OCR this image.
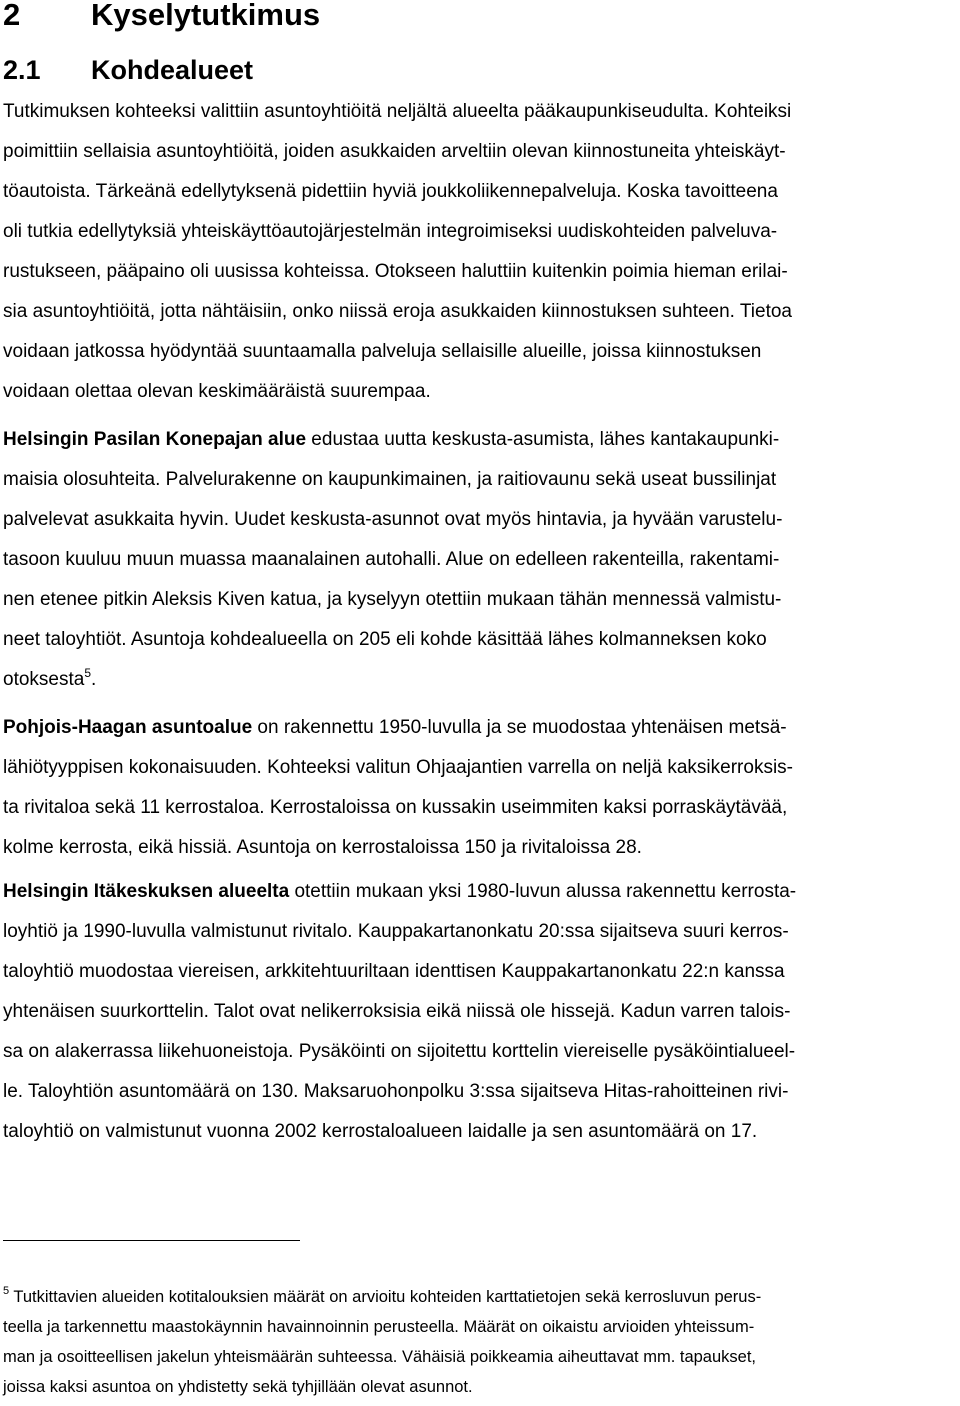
2 Kyselytutkimus
2.1 Kohdealueet
Tutkimuksen kohteeksi valittiin asuntoyhtiöitä neljältä alueelta pääkaupunkiseudulta. Kohteiksi
poimittiin sellaisia asuntoyhtiöitä, joiden asukkaiden arveltiin olevan kiinnostuneita yhteiskäyt-
töautoista. Tärkeänä edellytyksenä pidettiin hyviä joukkoliikennepalveluja. Koska tavoitteena
oli tutkia edellytyksiä yhteiskäyttöautojärjestelmän integroimiseksi uudiskohteiden palveluva-
rustukseen, pääpaino oli uusissa kohteissa. Otokseen haluttiin kuitenkin poimia hieman erilai-
sia asuntoyhtiöitä, jotta nähtäisiin, onko niissä eroja asukkaiden kiinnostuksen suhteen. Tietoa
voidaan jatkossa hyödyntää suuntaamalla palveluja sellaisille alueille, joissa kiinnostuksen
voidaan olettaa olevan keskimääräistä suurempaa.
Helsingin Pasilan Konepajan alue edustaa uutta keskusta-asumista, lähes kantakaupunki-
maisia olosuhteita. Palvelurakenne on kaupunkimainen, ja raitiovaunu sekä useat bussilinjat
palvelevat asukkaita hyvin. Uudet keskusta-asunnot ovat myös hintavia, ja hyvään varustelu-
tasoon kuuluu muun muassa maanalainen autohalli. Alue on edelleen rakenteilla, rakentami-
nen etenee pitkin Aleksis Kiven katua, ja kyselyyn otettiin mukaan tähän mennessä valmistu-
neet taloyhtiöt. Asuntoja kohdealueella on 205 eli kohde käsittää lähes kolmanneksen koko
otoksesta$^5$.
Pohjois-Haagan asuntoalue on rakennettu 1950-luvulla ja se muodostaa yhtenäisen metsä-
lähiötyyppisen kokonaisuuden. Kohteeksi valitun Ohjaajantien varrella on neljä kaksikerroksis-
ta rivitaloa sekä 11 kerrostaloa. Kerrostaloissa on kussakin useimmiten kaksi porraskäytävää,
kolme kerrosta, eikä hissiä. Asuntoja on kerrostaloissa 150 ja rivitaloissa 28.
Helsingin Itäkeskuksen alueelta otettiin mukaan yksi 1980-luvun alussa rakennettu kerrosta-
loyhtiö ja 1990-luvulla valmistunut rivitalo. Kauppakartanonkatu 20:ssa sijaitseva suuri kerros-
taloyhtiö muodostaa viereisen, arkkitehtuuriltaan identtisen Kauppakartanonkatu 22:n kanssa
yhtenäisen suurkorttelin. Talot ovat nelikerroksisia eikä niissä ole hissejä. Kadun varren talois-
sa on alakerrassa liikehuoneistoja. Pysäköinti on sijoitettu korttelin viereiselle pysäköintialueel-
le. Taloyhtiön asuntomäärä on 130. Maksaruohonpolku 3:ssa sijaitseva Hitas-rahoitteinen rivi-
taloyhtiö on valmistunut vuonna 2002 kerrostaloalueen laidalle ja sen asuntomäärä on 17.
$^5$ Tutkittavien alueiden kotitalouksien määrät on arvioitu kohteiden karttatietojen sekä kerrosluvun perus-
teella ja tarkennettu maastokäynnin havainnoinnin perusteella. Määrät on oikaistu arvioiden yhteissum-
man ja osoitteellisen jakelun yhteismäärän suhteessa. Vähäisiä poikkeamia aiheuttavat mm. tapaukset,
joissa kaksi asuntoa on yhdistetty sekä tyhjillään olevat asunnot.
